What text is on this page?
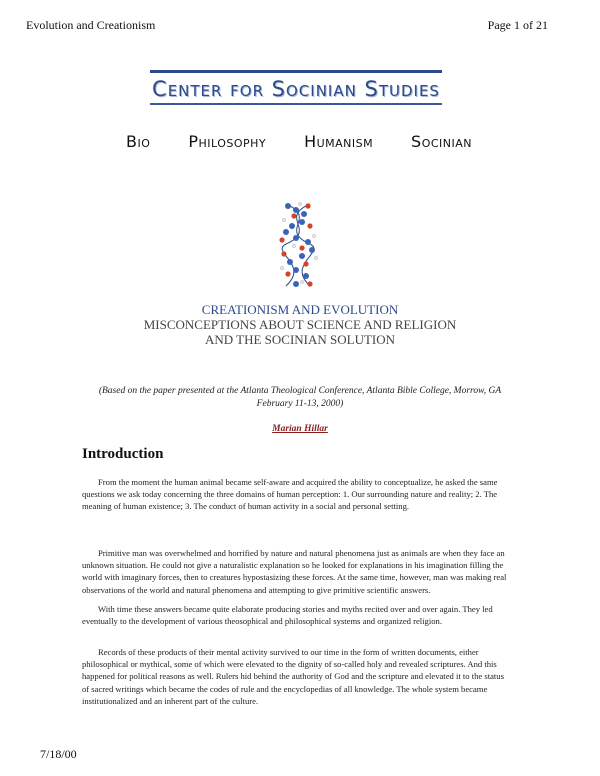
Evolution and Creationism	Page 1 of 21
Center for Socinian Studies
Bio Philosophy Humanism Socinian
CREATIONISM AND EVOLUTION
MISCONCEPTIONS ABOUT SCIENCE AND RELIGION
AND THE SOCINIAN SOLUTION
(Based on the paper presented at the Atlanta Theological Conference, Atlanta Bible College, Morrow, GA February 11-13, 2000)
Marian Hillar
Introduction

From the moment the human animal became self-aware and acquired the ability to conceptualize, he asked the same questions we ask today concerning the three domains of human perception: 1. Our surrounding nature and reality; 2. The meaning of human existence; 3. The conduct of human activity in a social and personal setting.

Primitive man was overwhelmed and horrified by nature and natural phenomena just as animals are when they face an unknown situation. He could not give a naturalistic explanation so he looked for explanations in his imagination filling the world with imaginary forces, then to creatures hypostasizing these forces. At the same time, however, man was making real observations of the world and natural phenomena and attempting to give primitive scientific answers.

With time these answers became quite elaborate producing stories and myths recited over and over again. They led eventually to the development of various theosophical and philosophical systems and organized religion.

Records of these products of their mental activity survived to our time in the form of written documents, either philosophical or mythical, some of which were elevated to the dignity of so-called holy and revealed scriptures. And this happened for political reasons as well. Rulers hid behind the authority of God and the scripture and elevated it to the status of sacred writings which became the codes of rule and the encyclopedias of all knowledge. The whole system became institutionalized and an inherent part of the culture.

7/18/00
